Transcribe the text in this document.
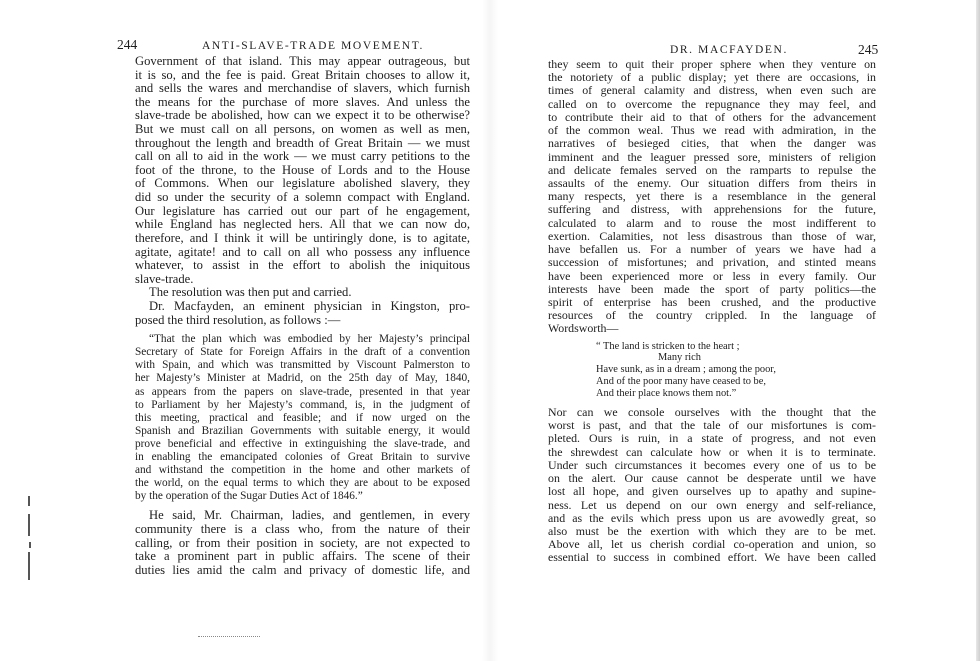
244	ANTI-SLAVE-TRADE MOVEMENT.
Government of that island. This may appear outrageous, but
it is so, and the fee is paid. Great Britain chooses to allow it,
and sells the wares and merchandise of slavers, which furnish
the means for the purchase of more slaves. And unless the
slave-trade be abolished, how can we expect it to be otherwise?
But we must call on all persons, on women as well as men,
throughout the length and breadth of Great Britain — we must
call on all to aid in the work — we must carry petitions to the
foot of the throne, to the House of Lords and to the House
of Commons. When our legislature abolished slavery, they
did so under the security of a solemn compact with England.
Our legislature has carried out our part of he engagement,
while England has neglected hers. All that we can now do,
therefore, and I think it will be untiringly done, is to agitate,
agitate, agitate! and to call on all who possess any influence
whatever, to assist in the effort to abolish the iniquitous
slave-trade.
The resolution was then put and carried.
Dr. Macfayden, an eminent physician in Kingston, pro-
posed the third resolution, as follows :—
“That the plan which was embodied by her Majesty’s principal
Secretary of State for Foreign Affairs in the draft of a convention
with Spain, and which was transmitted by Viscount Palmerston to
her Majesty’s Minister at Madrid, on the 25th day of May, 1840,
as appears from the papers on slave-trade, presented in that year
to Parliament by her Majesty’s command, is, in the judgment of
this meeting, practical and feasible; and if now urged on the
Spanish and Brazilian Governments with suitable energy, it would
prove beneficial and effective in extinguishing the slave-trade, and
in enabling the emancipated colonies of Great Britain to survive
and withstand the competition in the home and other markets of
the world, on the equal terms to which they are about to be exposed
by the operation of the Sugar Duties Act of 1846.”
He said, Mr. Chairman, ladies, and gentlemen, in every
community there is a class who, from the nature of their
calling, or from their position in society, are not expected to
take a prominent part in public affairs. The scene of their
duties lies amid the calm and privacy of domestic life, and
DR. MACFAYDEN.	245
they seem to quit their proper sphere when they venture on
the notoriety of a public display; yet there are occasions, in
times of general calamity and distress, when even such are
called on to overcome the repugnance they may feel, and
to contribute their aid to that of others for the advancement
of the common weal. Thus we read with admiration, in the
narratives of besieged cities, that when the danger was
imminent and the leaguer pressed sore, ministers of religion
and delicate females served on the ramparts to repulse the
assaults of the enemy. Our situation differs from theirs in
many respects, yet there is a resemblance in the general
suffering and distress, with apprehensions for the future,
calculated to alarm and to rouse the most indifferent to
exertion. Calamities, not less disastrous than those of war,
have befallen us. For a number of years we have had a
succession of misfortunes; and privation, and stinted means
have been experienced more or less in every family. Our
interests have been made the sport of party politics—the
spirit of enterprise has been crushed, and the productive
resources of the country crippled. In the language of
Wordsworth—
“ The land is stricken to the heart ;
Many rich
Have sunk, as in a dream ; among the poor,
And of the poor many have ceased to be,
And their place knows them not.”
Nor can we console ourselves with the thought that the
worst is past, and that the tale of our misfortunes is com-
pleted. Ours is ruin, in a state of progress, and not even
the shrewdest can calculate how or when it is to terminate.
Under such circumstances it becomes every one of us to be
on the alert. Our cause cannot be desperate until we have
lost all hope, and given ourselves up to apathy and supine-
ness. Let us depend on our own energy and self-reliance,
and as the evils which press upon us are avowedly great, so
also must be the exertion with which they are to be met.
Above all, let us cherish cordial co-operation and union, so
essential to success in combined effort. We have been called
